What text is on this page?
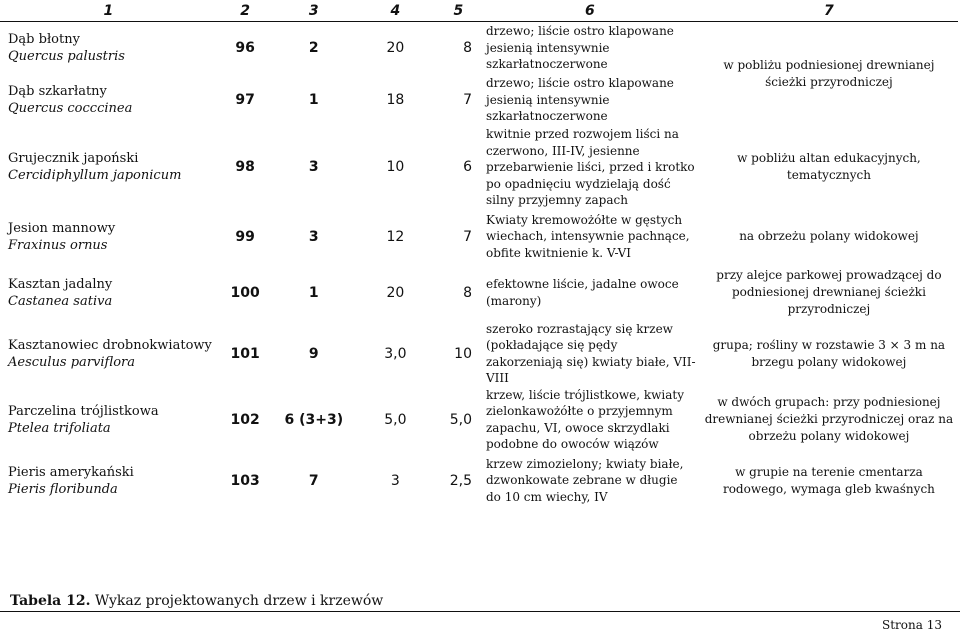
1	2	3	4	5	6	7

Dąb błotny
Quercus palustris	96	2	20	8	drzewo; liście ostro klapowane jesienią intensywnie szkarłatnoczerwone	w pobliżu podniesionej drewnianej ścieżki przyrodniczej

Dąb szkarłatny
Quercus cocccinea	97	1	18	7	drzewo; liście ostro klapowane jesienią intensywnie szkarłatnoczerwone	

Grujecznik japoński
Cercidiphyllum japonicum	98	3	10	6	kwitnie przed rozwojem liści na czerwono, III-IV, jesienne przebarwienie liści, przed i krotko po opadnięciu wydzielają dość silny przyjemny zapach	w pobliżu altan edukacyjnych, tematycznych

Jesion mannowy
Fraxinus ornus	99	3	12	7	Kwiaty kremowożółte w gęstych wiechach, intensywnie pachnące, obfite kwitnienie k. V-VI	na obrzeżu polany widokowej

Kasztan jadalny
Castanea sativa	100	1	20	8	efektowne liście, jadalne owoce (marony)	przy alejce parkowej prowadzącej do podniesionej drewnianej ścieżki przyrodniczej

Kasztanowiec drobnokwiatowy
Aesculus parviflora	101	9	3,0	10	szeroko rozrastający się krzew (pokładające się pędy zakorzeniają się) kwiaty białe, VII-VIII	grupa; rośliny w rozstawie 3 × 3 m na brzegu polany widokowej

Parczelina trójlistkowa
Ptelea trifoliata	102	6 (3+3)	5,0	5,0	krzew, liście trójlistkowe, kwiaty zielonkawożółte o przyjemnym zapachu, VI, owoce skrzydlaki podobne do owoców wiązów	w dwóch grupach: przy podniesionej drewnianej ścieżki przyrodniczej oraz na obrzeżu polany widokowej

Pieris amerykański
Pieris floribunda	103	7	3	2,5	krzew zimozielony; kwiaty białe, dzwonkowate zebrane w długie do 10 cm wiechy, IV	w grupie na terenie cmentarza rodowego, wymaga gleb kwaśnych
Tabela 12. Wykaz projektowanych drzew i krzewów
Strona 13
